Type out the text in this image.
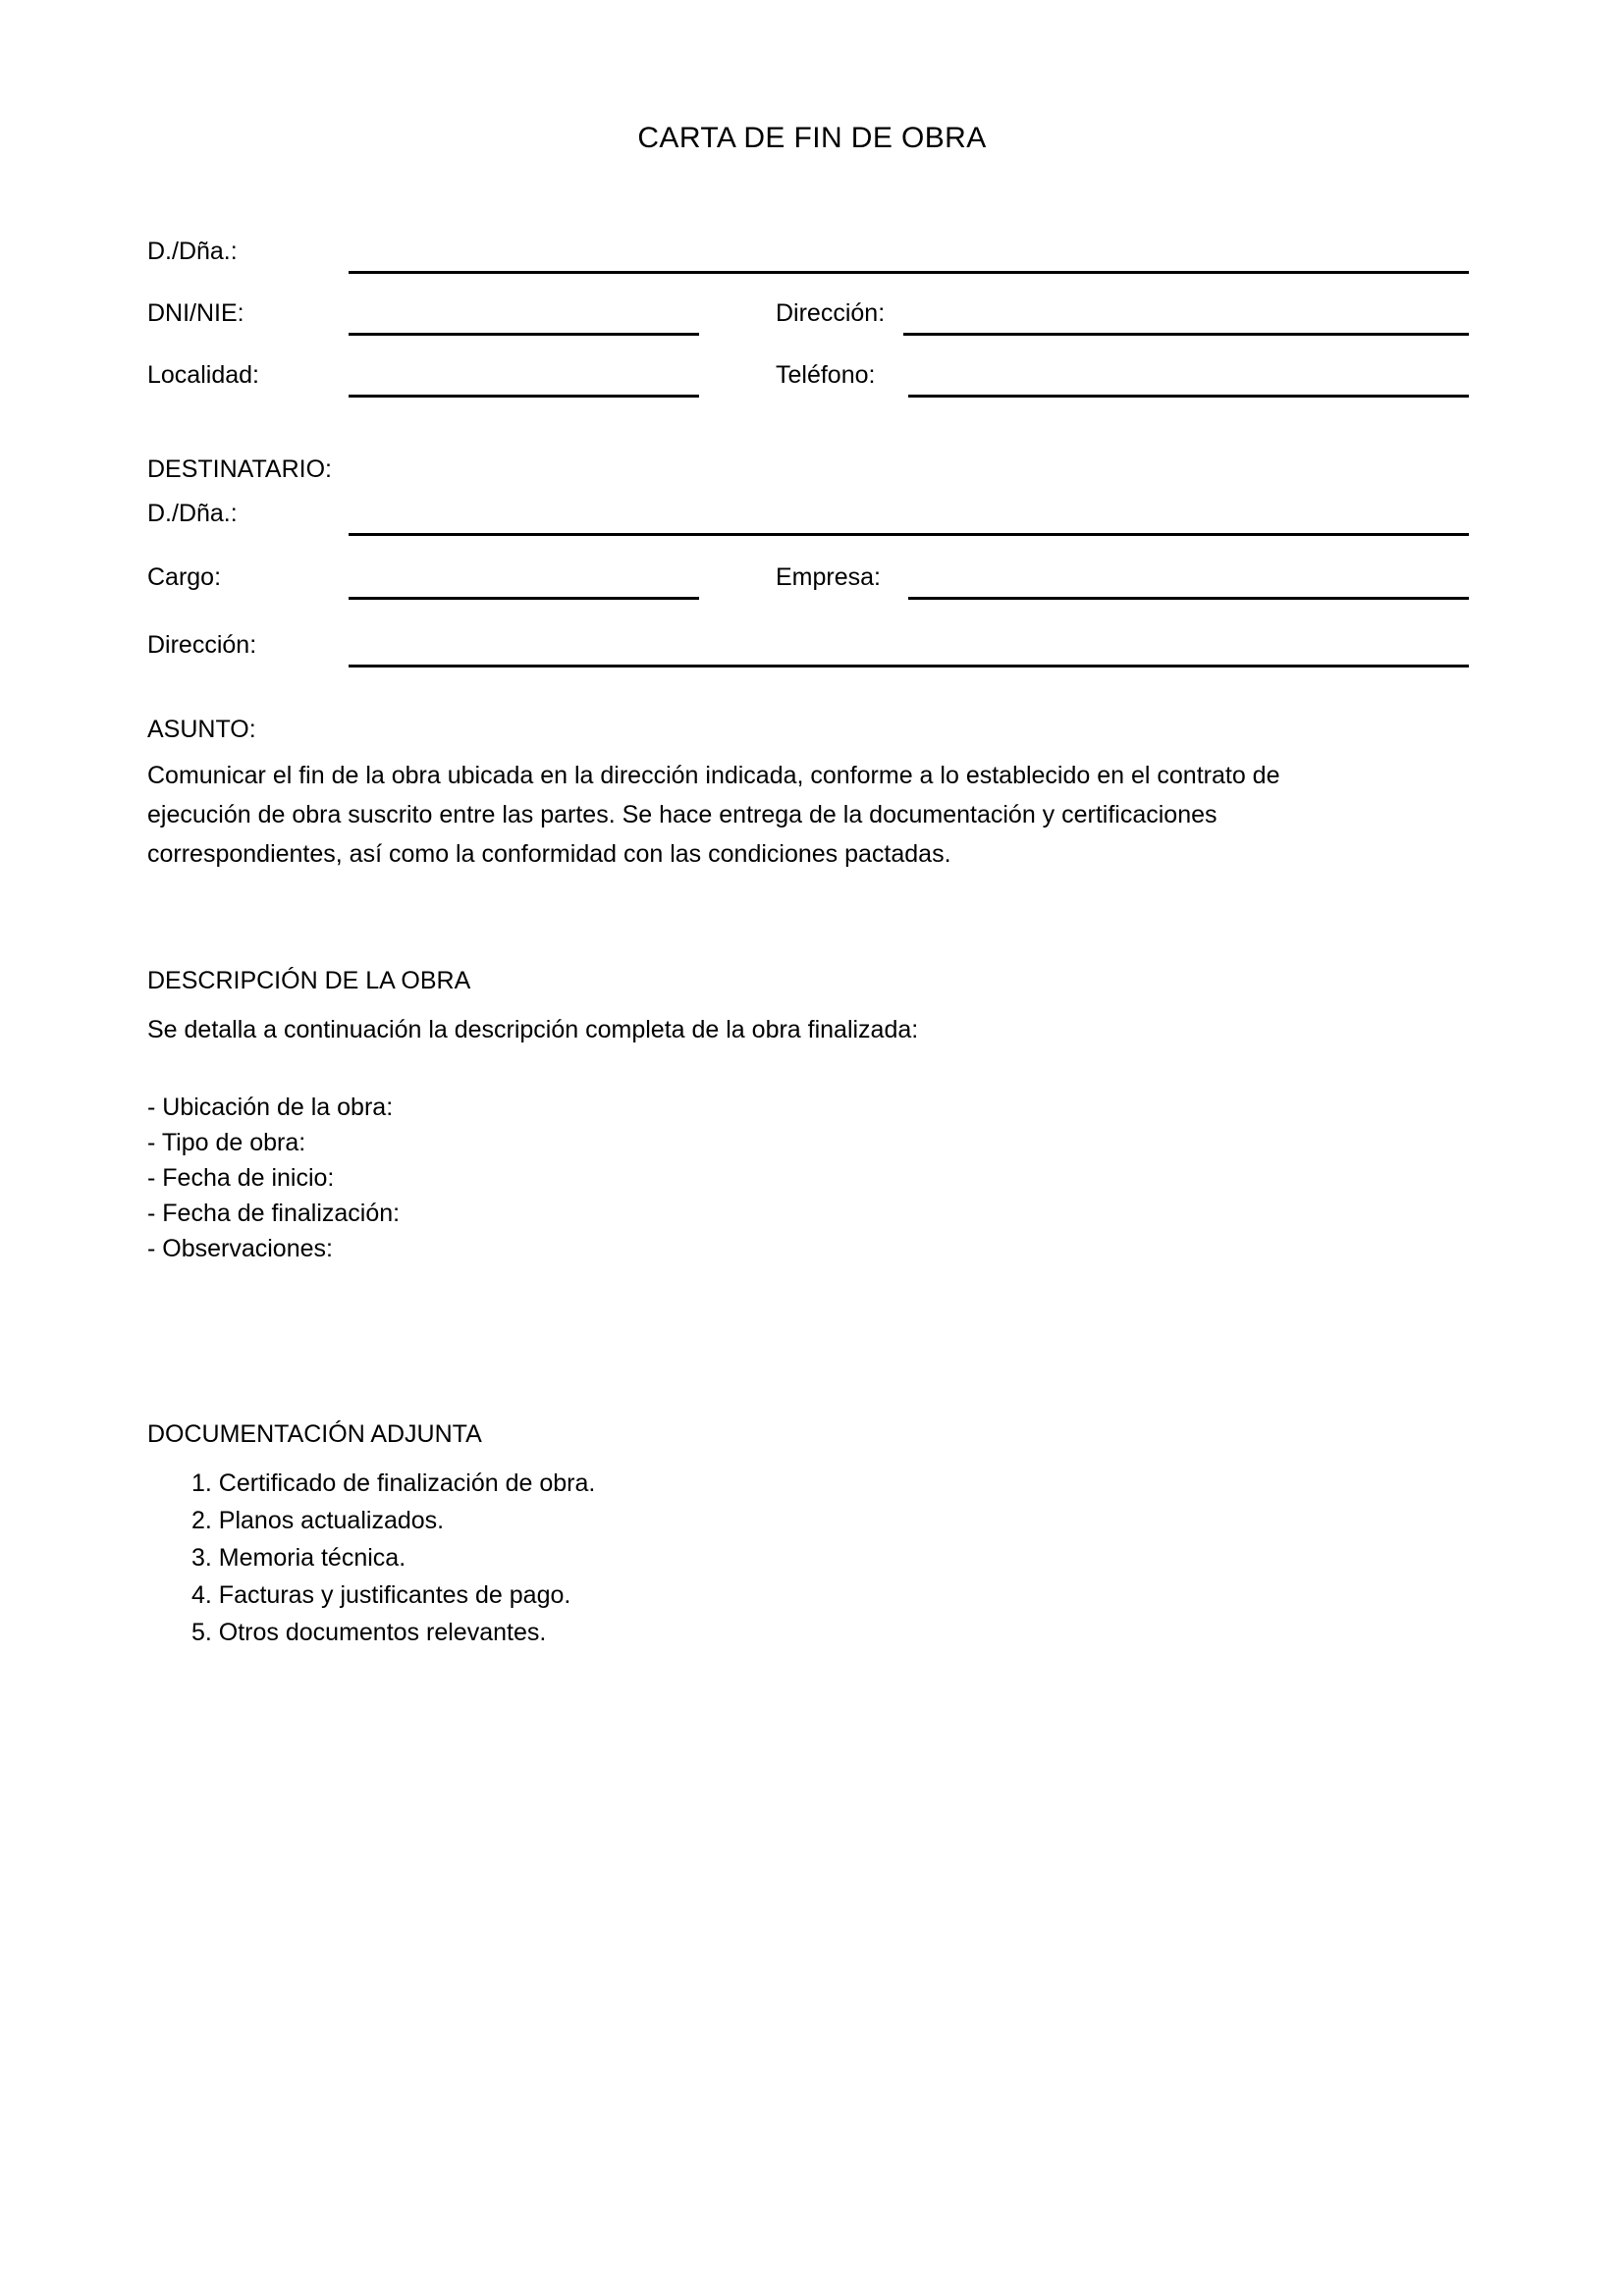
CARTA DE FIN DE OBRA
D./Dña.:
DNI/NIE:	Dirección:
Localidad:	Teléfono:
DESTINATARIO:
D./Dña.:
Cargo:	Empresa:
Dirección:
ASUNTO:

Comunicar el fin de la obra ubicada en la dirección indicada, conforme a lo establecido en el contrato de

ejecución de obra suscrito entre las partes. Se hace entrega de la documentación y certificaciones

correspondientes, así como la conformidad con las condiciones pactadas.

DESCRIPCIÓN DE LA OBRA
Se detalla a continuación la descripción completa de la obra finalizada:
- Ubicación de la obra:
- Tipo de obra:
- Fecha de inicio:
- Fecha de finalización:
- Observaciones:
DOCUMENTACIÓN ADJUNTA
1. Certificado de finalización de obra.
2. Planos actualizados.
3. Memoria técnica.
4. Facturas y justificantes de pago.
5. Otros documentos relevantes.
